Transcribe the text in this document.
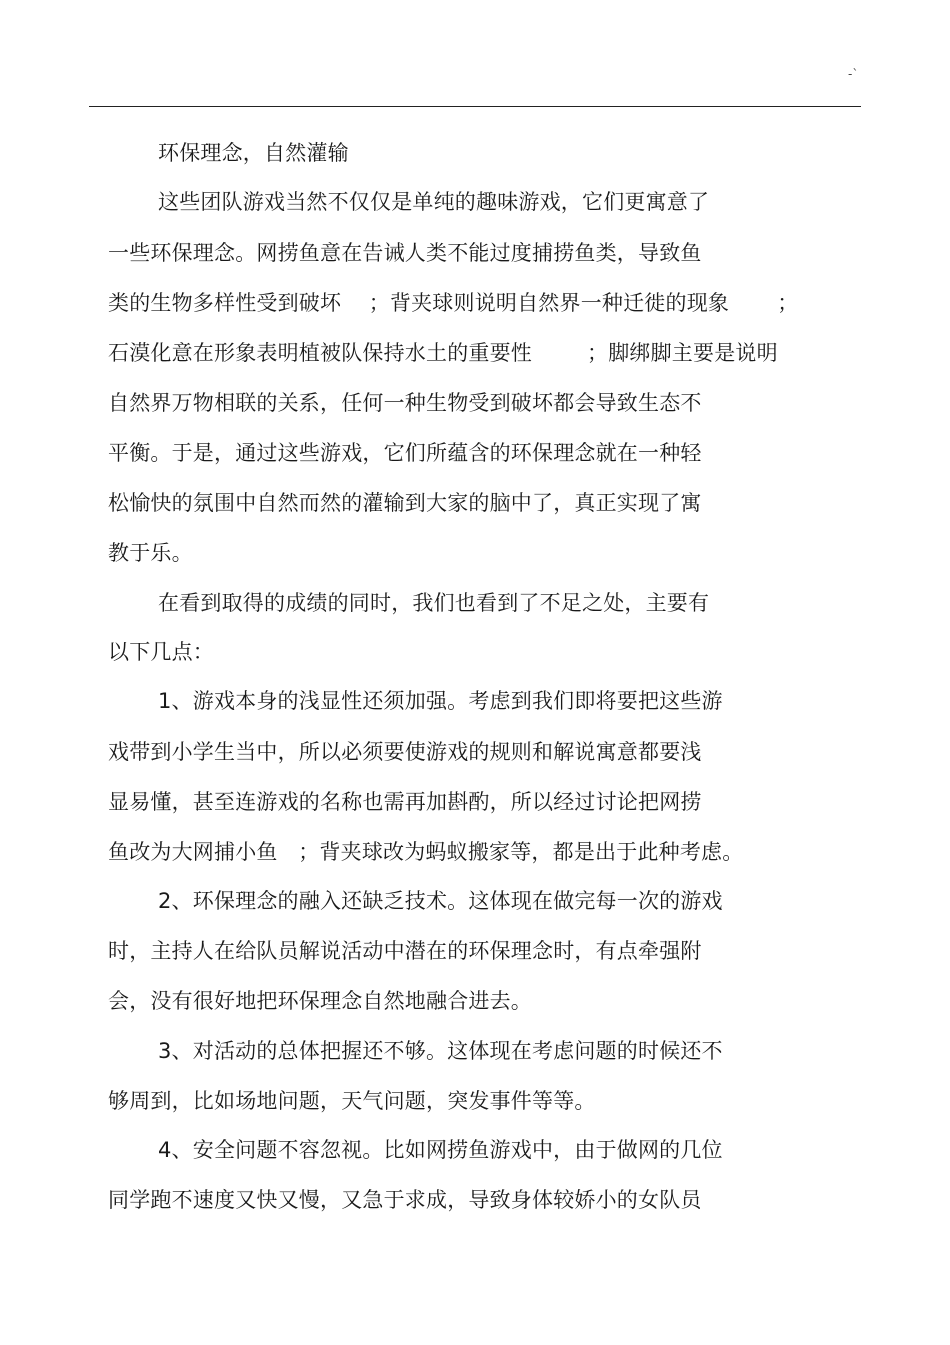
-`
环保理念，自然灌输
这些团队游戏当然不仅仅是单纯的趣味游戏，它们更寓意了
一些环保理念。网捞鱼意在告诫人类不能过度捕捞鱼类，导致鱼
类的生物多样性受到破坏    ；背夹球则说明自然界一种迁徙的现象       ；
石漠化意在形象表明植被队保持水土的重要性        ；脚绑脚主要是说明
自然界万物相联的关系，任何一种生物受到破坏都会导致生态不
平衡。于是，通过这些游戏，它们所蕴含的环保理念就在一种轻
松愉快的氛围中自然而然的灌输到大家的脑中了，真正实现了寓
教于乐。
在看到取得的成绩的同时，我们也看到了不足之处，主要有
以下几点：
1、游戏本身的浅显性还须加强。考虑到我们即将要把这些游
戏带到小学生当中，所以必须要使游戏的规则和解说寓意都要浅
显易懂，甚至连游戏的名称也需再加斟酌，所以经过讨论把网捞
鱼改为大网捕小鱼   ；背夹球改为蚂蚁搬家等，都是出于此种考虑。
2、环保理念的融入还缺乏技术。这体现在做完每一次的游戏
时，主持人在给队员解说活动中潜在的环保理念时，有点牵强附
会，没有很好地把环保理念自然地融合进去。
3、对活动的总体把握还不够。这体现在考虑问题的时候还不
够周到，比如场地问题，天气问题，突发事件等等。
4、安全问题不容忽视。比如网捞鱼游戏中，由于做网的几位
同学跑不速度又快又慢，又急于求成，导致身体较娇小的女队员
